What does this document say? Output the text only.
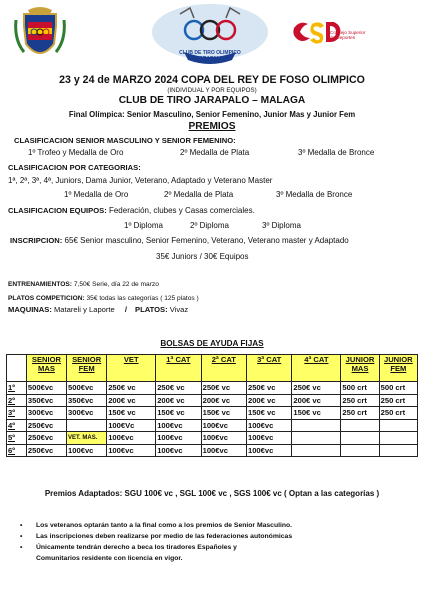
CLUB DE TIRO OLIMPICO JARAPALO
Consejo Superior de Deportes
23 y 24 de MARZO 2024 COPA DEL REY DE FOSO OLIMPICO
(INDIVIDUAL Y POR EQUIPOS)
CLUB DE TIRO JARAPALO – MALAGA
Final Olímpica: Senior Masculino, Senior Femenino, Junior Mas y Junior Fem
PREMIOS
CLASIFICACION SENIOR MASCULINO Y SENIOR FEMENINO:
1º Trofeo y Medalla de Oro	2º Medalla de Plata	3º Medalla de Bronce
CLASIFICACION POR CATEGORIAS:
1ª, 2ª, 3ª, 4ª, Juniors, Dama Junior, Veterano, Adaptado y Veterano Master
1º Medalla de Oro	2º Medalla de Plata	3º Medalla de Bronce
CLASIFICACION EQUIPOS: Federación, clubes y Casas comerciales.
1º Diploma	2º Diploma	3º Diploma
INSCRIPCION: 65€ Senior masculino, Senior Femenino, Veterano, Veterano master y Adaptado
35€ Juniors / 30€ Equipos
ENTRENAMIENTOS: 7,50€ Serie, día 22 de marzo
PLATOS COMPETICION: 35€ todas las categorías ( 125 platos )
MAQUINAS: Matareli y Laporte / PLATOS: Vivaz
BOLSAS DE AYUDA FIJAS
	SENIOR MAS	SENIOR FEM	VET	1ª CAT	2ª CAT	3ª CAT	4ª CAT	JUNIOR MAS	JUNIOR FEM
1º	500€vc	500€vc	250€ vc	250€ vc	250€ vc	250€ vc	250€ vc	500 crt	500 crt
2º	350€vc	350€vc	200€ vc	200€ vc	200€ vc	200€ vc	200€ vc	250 crt	250 crt
3º	300€vc	300€vc	150€ vc	150€ vc	150€ vc	150€ vc	150€ vc	250 crt	250 crt
4º	250€vc		100€Vc	100€vc	100€vc	100€vc			
5º	250€vc	VET. MAS.	100€vc	100€vc	100€vc	100€vc			
6º	250€vc	100€vc	100€vc	100€vc	100€vc	100€vc			
Premios Adaptados: SGU 100€ vc , SGL 100€ vc , SGS 100€ vc ( Optan a las categorías )
• Los veteranos optarán tanto a la final como a los premios de Senior Masculino.
• Las inscripciones deben realizarse por medio de las federaciones autonómicas
• Únicamente tendrán derecho a beca los tiradores Españoles y
Comunitarios residente con licencia en vigor.
